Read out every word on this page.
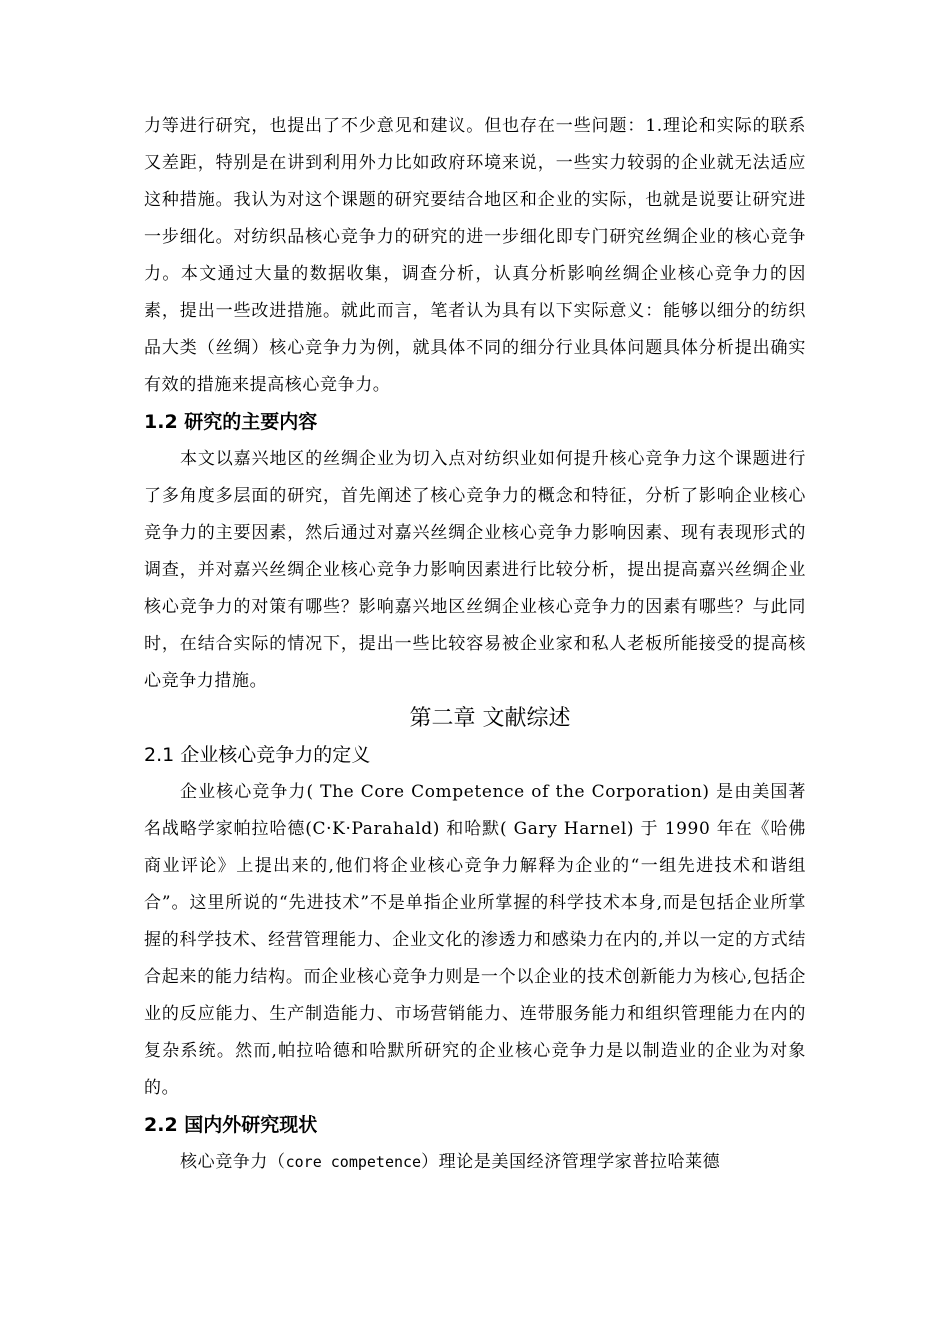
力等进行研究，也提出了不少意见和建议。但也存在一些问题：1.理论和实际的联系又差距，特别是在讲到利用外力比如政府环境来说，一些实力较弱的企业就无法适应这种措施。我认为对这个课题的研究要结合地区和企业的实际，也就是说要让研究进一步细化。对纺织品核心竞争力的研究的进一步细化即专门研究丝绸企业的核心竞争力。本文通过大量的数据收集，调查分析，认真分析影响丝绸企业核心竞争力的因素，提出一些改进措施。就此而言，笔者认为具有以下实际意义：能够以细分的纺织品大类（丝绸）核心竞争力为例，就具体不同的细分行业具体问题具体分析提出确实有效的措施来提高核心竞争力。

1.2 研究的主要内容

本文以嘉兴地区的丝绸企业为切入点对纺织业如何提升核心竞争力这个课题进行了多角度多层面的研究，首先阐述了核心竞争力的概念和特征，分析了影响企业核心竞争力的主要因素，然后通过对嘉兴丝绸企业核心竞争力影响因素、现有表现形式的调查，并对嘉兴丝绸企业核心竞争力影响因素进行比较分析，提出提高嘉兴丝绸企业核心竞争力的对策有哪些？影响嘉兴地区丝绸企业核心竞争力的因素有哪些？与此同时，在结合实际的情况下，提出一些比较容易被企业家和私人老板所能接受的提高核心竞争力措施。

第二章 文献综述
2.1 企业核心竞争力的定义

企业核心竞争力( The Core Competence of the Corporation) 是由美国著名战略学家帕拉哈德(C·K·Parahald) 和哈默( Gary Harnel) 于 1990 年在《哈佛商业评论》上提出来的,他们将企业核心竞争力解释为企业的“一组先进技术和谐组合”。这里所说的“先进技术”不是单指企业所掌握的科学技术本身,而是包括企业所掌握的科学技术、经营管理能力、企业文化的渗透力和感染力在内的,并以一定的方式结合起来的能力结构。而企业核心竞争力则是一个以企业的技术创新能力为核心,包括企业的反应能力、生产制造能力、市场营销能力、连带服务能力和组织管理能力在内的复杂系统。然而,帕拉哈德和哈默所研究的企业核心竞争力是以制造业的企业为对象的。

2.2 国内外研究现状

核心竞争力（core competence）理论是美国经济管理学家普拉哈莱德
